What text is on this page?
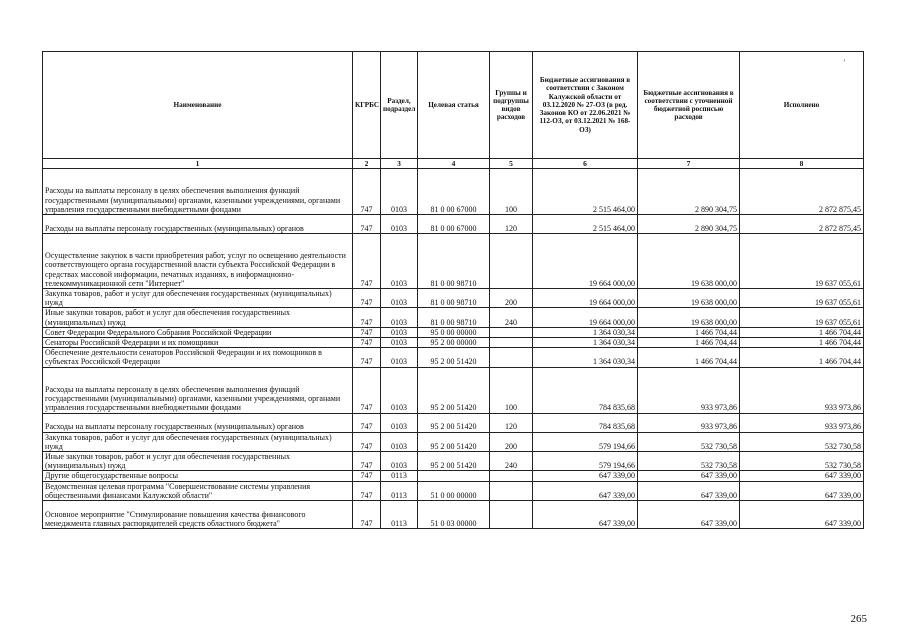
ʼ
Наименование	КГРБС	Раздел, подраздел	Целевая статья	Группы и подгруппы видов расходов	Бюджетные ассигнования в соответствии с Законом Калужской области от 03.12.2020 № 27-ОЗ (в ред. Законов КО от 22.06.2021 № 112-ОЗ, от 03.12.2021 № 168-ОЗ)	Бюджетные ассигнования в соответствии с уточненной бюджетной росписью расходов	Исполнено
1	2	3	4	5	6	7	8
Расходы на выплаты персоналу в целях обеспечения выполнения функций государственными (муниципальными) органами, казенными учреждениями, органами управления государственными внебюджетными фондами	747	0103	81 0 00 67000	100	2 515 464,00	2 890 304,75	2 872 875,45
Расходы на выплаты персоналу государственных (муниципальных) органов	747	0103	81 0 00 67000	120	2 515 464,00	2 890 304,75	2 872 875,45
Осуществление закупок в части приобретения работ, услуг по освещению деятельности соответствующего органа государственной власти субъекта Российской Федерации в средствах массовой информации, печатных изданиях, в информационно-телекоммуникационной сети "Интернет"	747	0103	81 0 00 98710		19 664 000,00	19 638 000,00	19 637 055,61
Закупка товаров, работ и услуг для обеспечения государственных (муниципальных) нужд	747	0103	81 0 00 98710	200	19 664 000,00	19 638 000,00	19 637 055,61
Иные закупки товаров, работ и услуг для обеспечения государственных (муниципальных) нужд	747	0103	81 0 00 98710	240	19 664 000,00	19 638 000,00	19 637 055,61
Совет Федерации Федерального Собрания Российской Федерации	747	0103	95 0 00 00000		1 364 030,34	1 466 704,44	1 466 704,44
Сенаторы Российской Федерации и их помощники	747	0103	95 2 00 00000		1 364 030,34	1 466 704,44	1 466 704,44
Обеспечение деятельности сенаторов Российской Федерации и их помощников в субъектах Российской Федерации	747	0103	95 2 00 51420		1 364 030,34	1 466 704,44	1 466 704,44
Расходы на выплаты персоналу в целях обеспечения выполнения функций государственными (муниципальными) органами, казенными учреждениями, органами управления государственными внебюджетными фондами	747	0103	95 2 00 51420	100	784 835,68	933 973,86	933 973,86
Расходы на выплаты персоналу государственных (муниципальных) органов	747	0103	95 2 00 51420	120	784 835,68	933 973,86	933 973,86
Закупка товаров, работ и услуг для обеспечения государственных (муниципальных) нужд	747	0103	95 2 00 51420	200	579 194,66	532 730,58	532 730,58
Иные закупки товаров, работ и услуг для обеспечения государственных (муниципальных) нужд	747	0103	95 2 00 51420	240	579 194,66	532 730,58	532 730,58
Другие общегосударственные вопросы	747	0113			647 339,00	647 339,00	647 339,00
Ведомственная целевая программа "Совершенствование системы управления общественными финансами Калужской области"	747	0113	51 0 00 00000		647 339,00	647 339,00	647 339,00
Основное мероприятие "Стимулирование повышения качества финансового менеджмента главных распорядителей средств областного бюджета"	747	0113	51 0 03 00000		647 339,00	647 339,00	647 339,00
265
